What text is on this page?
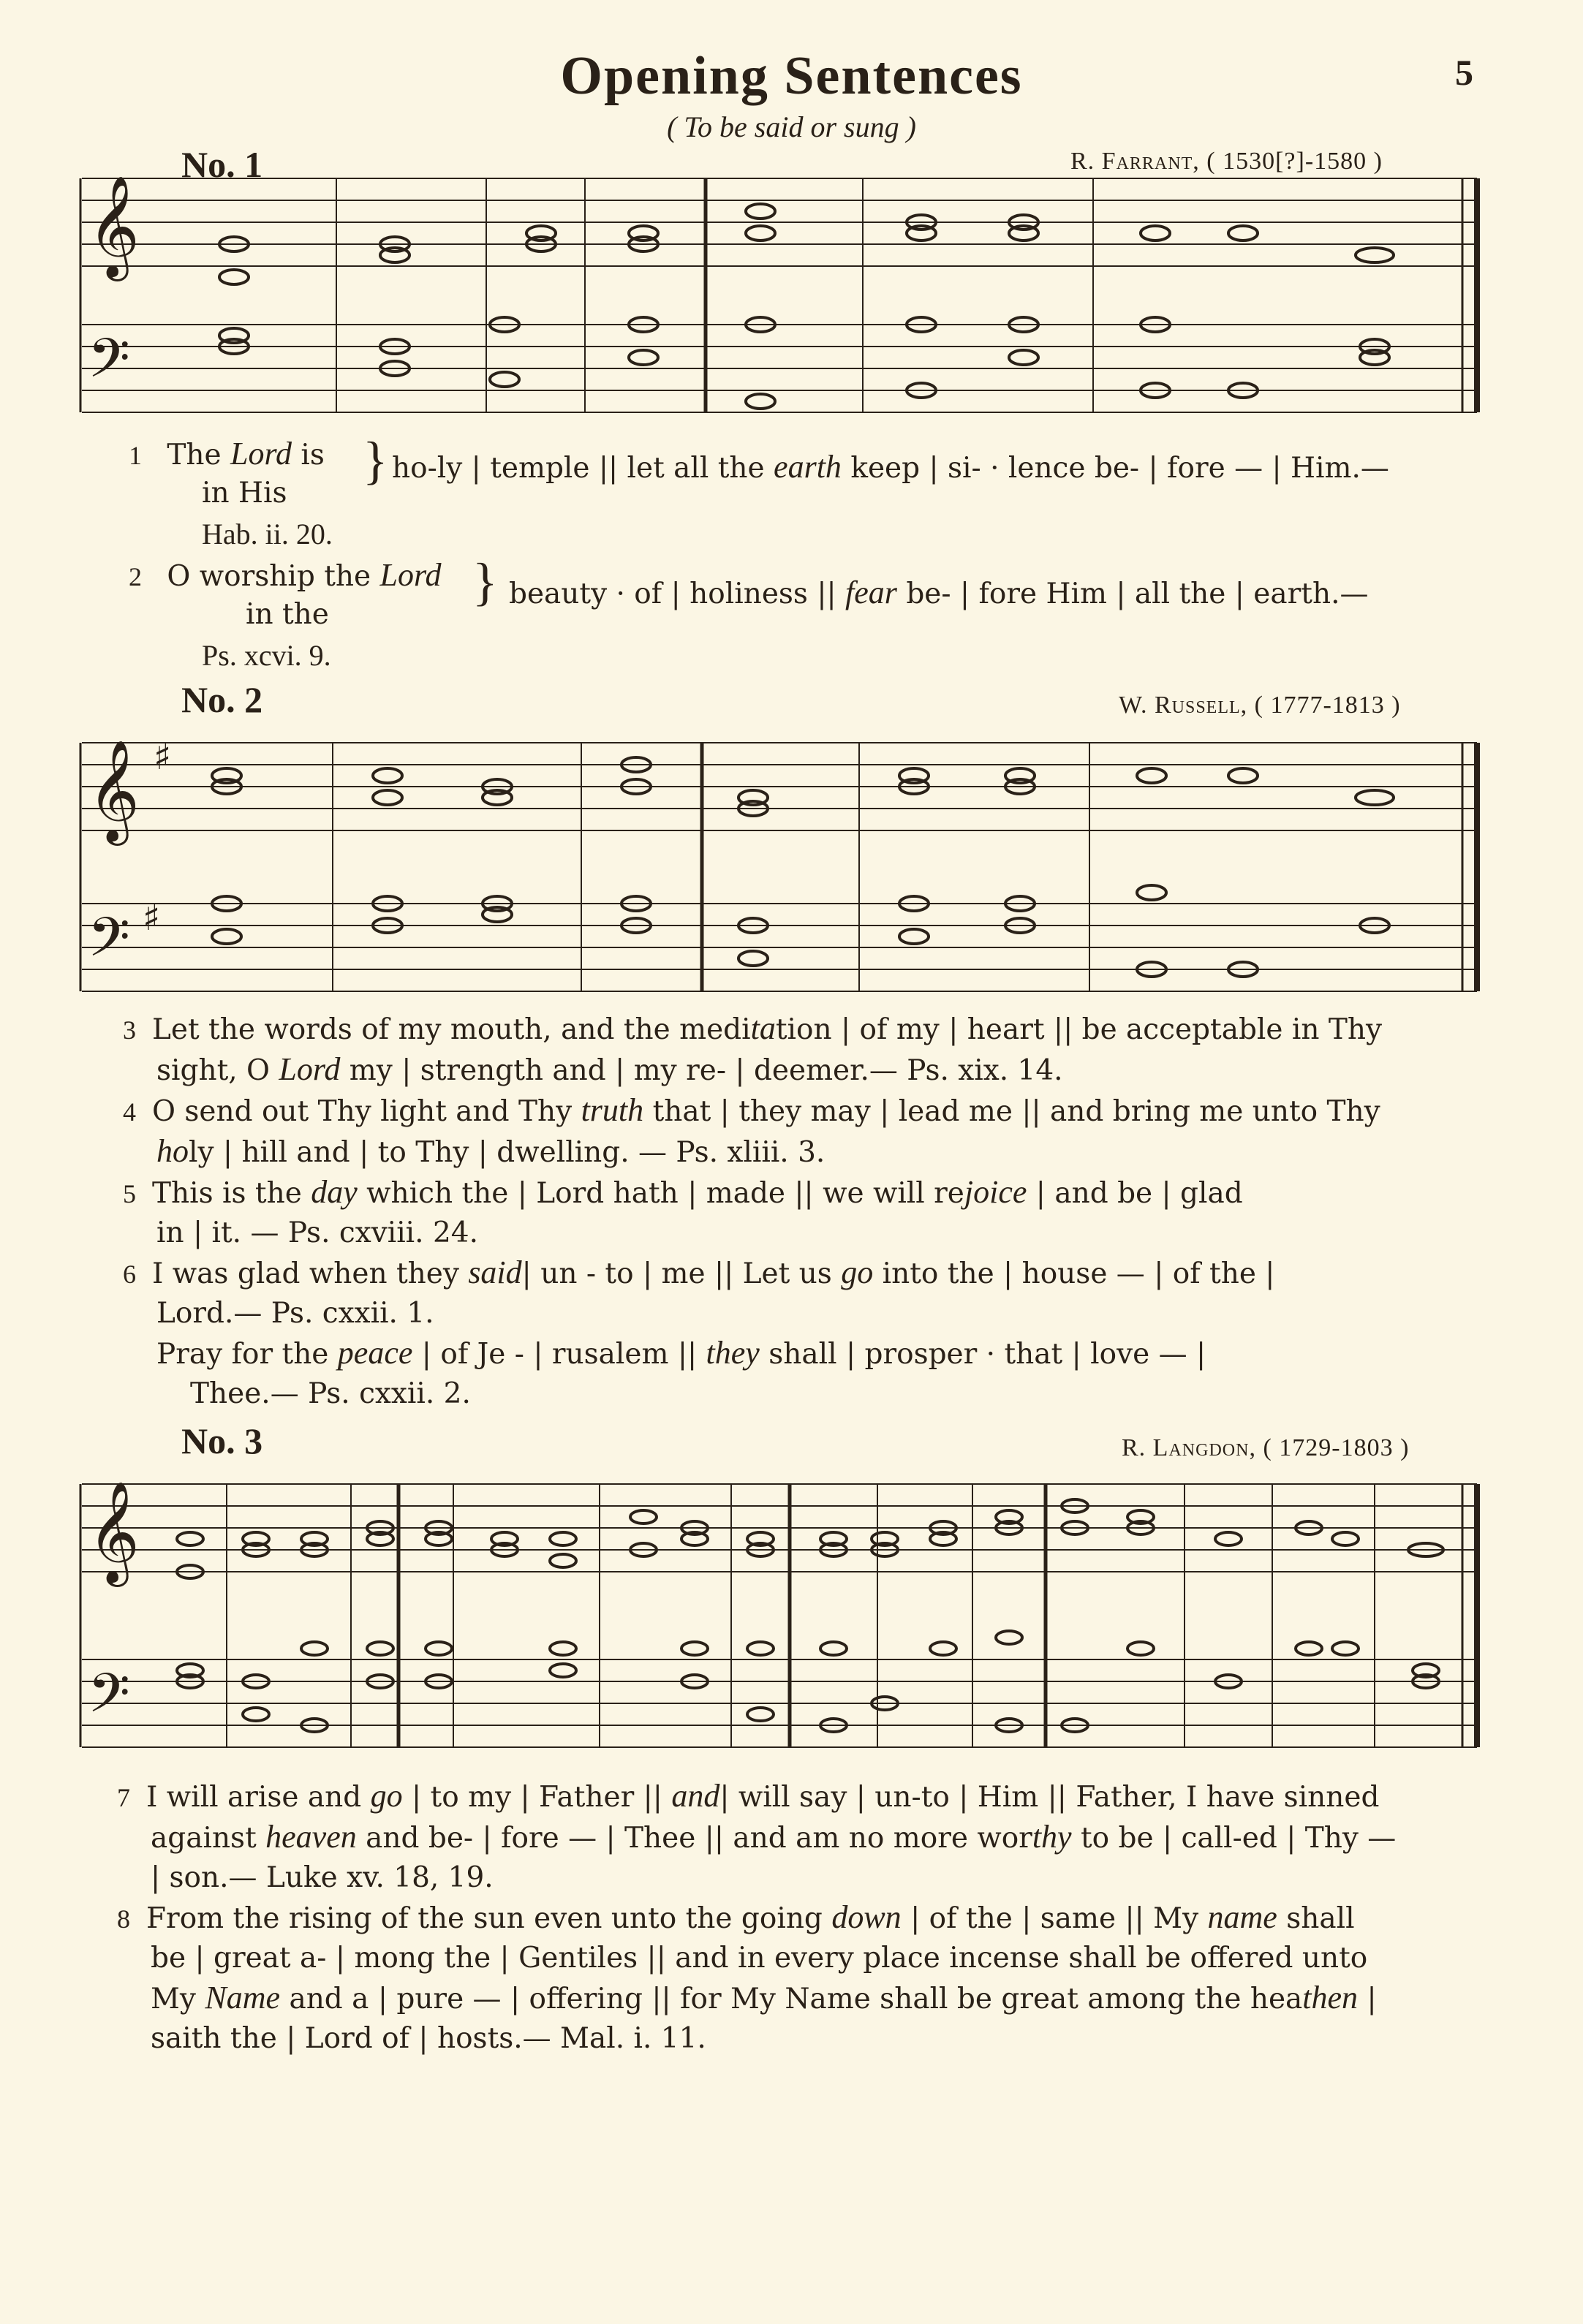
Opening Sentences	5
( To be said or sung )
No. 1	R. Farrant, ( 1530[?]-1580 )
𝄞
𝄢
1 The Lord is
in His
} ho-ly | temple || let all the earth keep | si- · lence be- | fore — | Him.—
Hab. ii. 20.
2 O worship the Lord
in the
} beauty · of | holiness || fear be- | fore Him | all the | earth.—
Ps. xcvi. 9.
No. 2	W. Russell, ( 1777-1813 )
𝄞 ♯
𝄢 ♯
3 Let the words of my mouth, and the meditation | of my | heart || be acceptable in Thy
sight, O Lord my | strength and | my re- | deemer.— Ps. xix. 14.
4 O send out Thy light and Thy truth that | they may | lead me || and bring me unto Thy
holy | hill and | to Thy | dwelling. — Ps. xliii. 3.
5 This is the day which the | Lord hath | made || we will rejoice | and be | glad
in | it. — Ps. cxviii. 24.
6 I was glad when they said| un - to | me || Let us go into the | house — | of the |
Lord.— Ps. cxxii. 1.
Pray for the peace | of Je - | rusalem || they shall | prosper · that | love — |
Thee.— Ps. cxxii. 2.
No. 3	R. Langdon, ( 1729-1803 )
𝄞
𝄢
7 I will arise and go | to my | Father || and| will say | un-to | Him || Father, I have sinned
against heaven and be- | fore — | Thee || and am no more worthy to be | call-ed | Thy —
| son.— Luke xv. 18, 19.
8 From the rising of the sun even unto the going down | of the | same || My name shall
be | great a- | mong the | Gentiles || and in every place incense shall be offered unto
My Name and a | pure — | offering || for My Name shall be great among the heathen |
saith the | Lord of | hosts.— Mal. i. 11.
